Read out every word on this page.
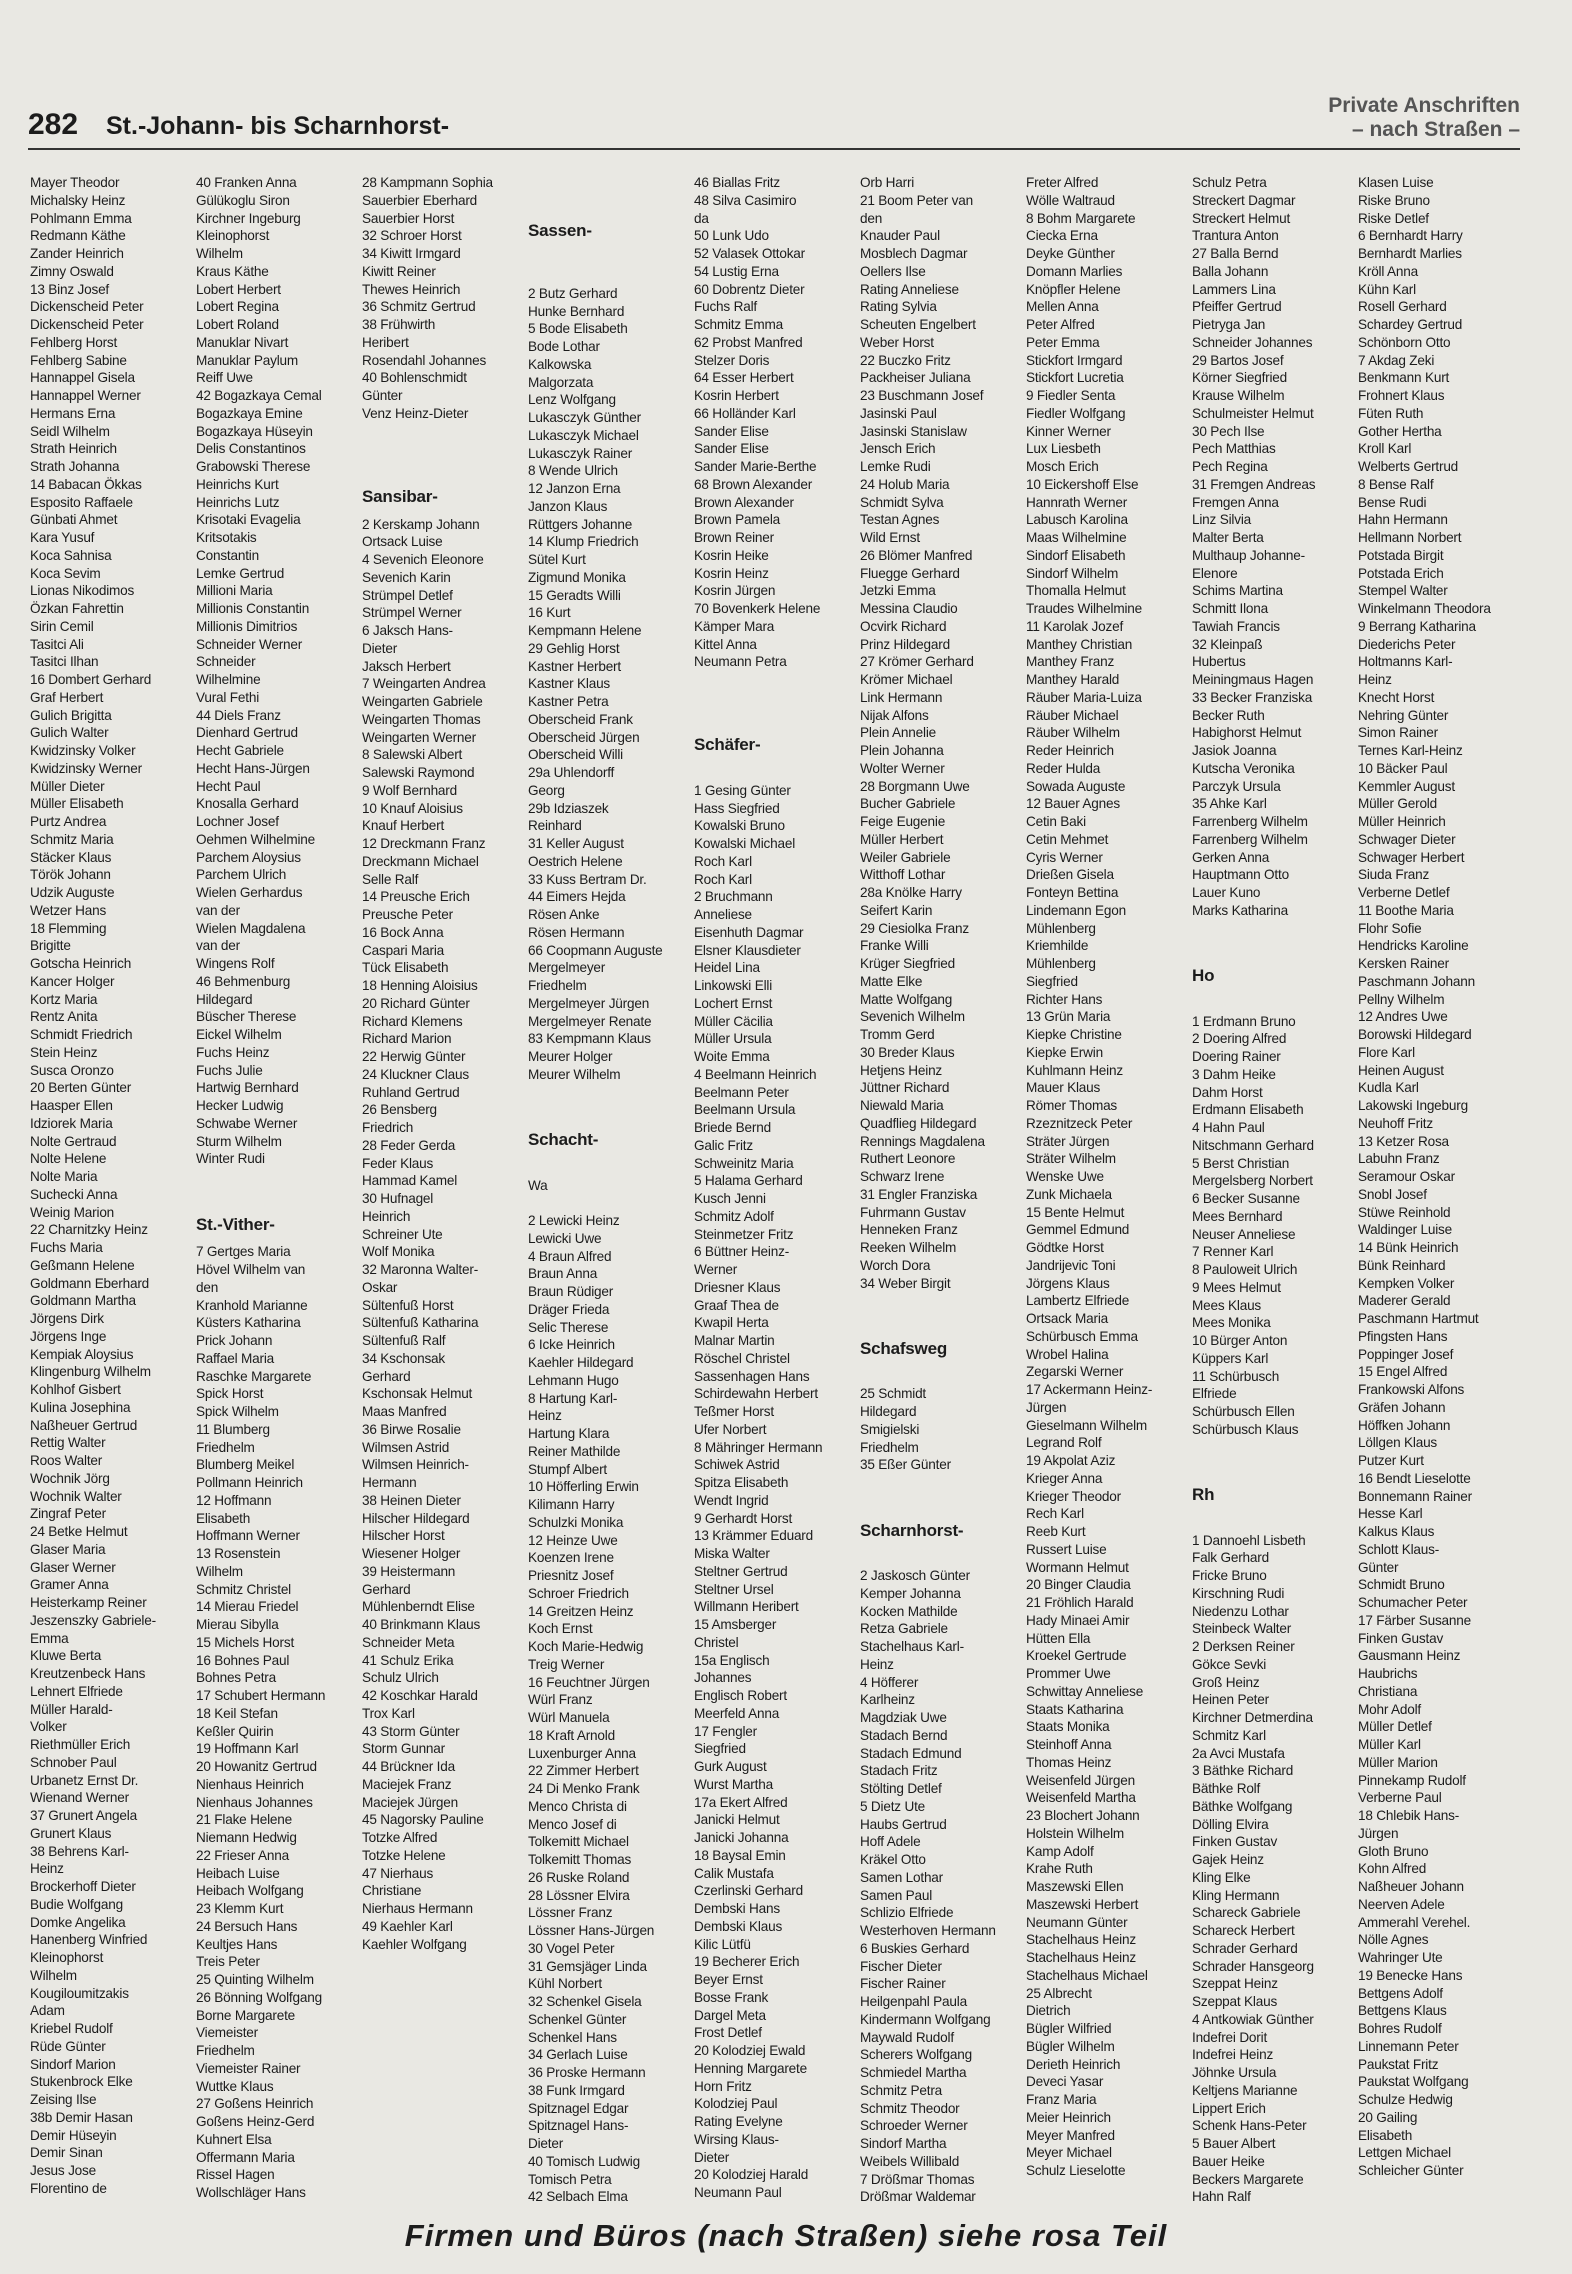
282 St.-Johann- bis Scharnhorst-
Private Anschriften
– nach Straßen –
Mayer Theodor
Michalsky Heinz
Pohlmann Emma
Redmann Käthe
Zander Heinrich
Zimny Oswald
13 Binz Josef
Dickenscheid Peter
Dickenscheid Peter
Fehlberg Horst
Fehlberg Sabine
Hannappel Gisela
Hannappel Werner
Hermans Erna
Seidl Wilhelm
Strath Heinrich
Strath Johanna
14 Babacan Ökkas
Esposito Raffaele
Günbati Ahmet
Kara Yusuf
Koca Sahnisa
Koca Sevim
Lionas Nikodimos
Özkan Fahrettin
Sirin Cemil
Tasitci Ali
Tasitci Ilhan
16 Dombert Gerhard
Graf Herbert
Gulich Brigitta
Gulich Walter
Kwidzinsky Volker
Kwidzinsky Werner
Müller Dieter
Müller Elisabeth
Purtz Andrea
Schmitz Maria
Stäcker Klaus
Török Johann
Udzik Auguste
Wetzer Hans
18 Flemming
Brigitte
Gotscha Heinrich
Kancer Holger
Kortz Maria
Rentz Anita
Schmidt Friedrich
Stein Heinz
Susca Oronzo
20 Berten Günter
Haasper Ellen
Idziorek Maria
Nolte Gertraud
Nolte Helene
Nolte Maria
Suchecki Anna
Weinig Marion
22 Charnitzky Heinz
Fuchs Maria
Geßmann Helene
Goldmann Eberhard
Goldmann Martha
Jörgens Dirk
Jörgens Inge
Kempiak Aloysius
Klingenburg Wilhelm
Kohlhof Gisbert
Kulina Josephina
Naßheuer Gertrud
Rettig Walter
Roos Walter
Wochnik Jörg
Wochnik Walter
Zingraf Peter
24 Betke Helmut
Glaser Maria
Glaser Werner
Gramer Anna
Heisterkamp Reiner
Jeszenszky Gabriele-
Emma
Kluwe Berta
Kreutzenbeck Hans
Lehnert Elfriede
Müller Harald-
Volker
Riethmüller Erich
Schnober Paul
Urbanetz Ernst Dr.
Wienand Werner
37 Grunert Angela
Grunert Klaus
38 Behrens Karl-
Heinz
Brockerhoff Dieter
Budie Wolfgang
Domke Angelika
Hanenberg Winfried
Kleinophorst
Wilhelm
Kougiloumitzakis
Adam
Kriebel Rudolf
Rüde Günter
Sindorf Marion
Stukenbrock Elke
Zeising Ilse
38b Demir Hasan
Demir Hüseyin
Demir Sinan
Jesus Jose
Florentino de
40 Franken Anna
Gülükoglu Siron
Kirchner Ingeburg
Kleinophorst
Wilhelm
Kraus Käthe
Lobert Herbert
Lobert Regina
Lobert Roland
Manuklar Nivart
Manuklar Paylum
Reiff Uwe
42 Bogazkaya Cemal
Bogazkaya Emine
Bogazkaya Hüseyin
Delis Constantinos
Grabowski Therese
Heinrichs Kurt
Heinrichs Lutz
Krisotaki Evagelia
Kritsotakis
Constantin
Lemke Gertrud
Millioni Maria
Millionis Constantin
Millionis Dimitrios
Schneider Werner
Schneider
Wilhelmine
Vural Fethi
44 Diels Franz
Dienhard Gertrud
Hecht Gabriele
Hecht Hans-Jürgen
Hecht Paul
Knosalla Gerhard
Lochner Josef
Oehmen Wilhelmine
Parchem Aloysius
Parchem Ulrich
Wielen Gerhardus
van der
Wielen Magdalena
van der
Wingens Rolf
46 Behmenburg
Hildegard
Büscher Therese
Eickel Wilhelm
Fuchs Heinz
Fuchs Julie
Hartwig Bernhard
Hecker Ludwig
Schwabe Werner
Sturm Wilhelm
Winter Rudi

St.-Vither-
7 Gertges Maria
Hövel Wilhelm van
den
Kranhold Marianne
Küsters Katharina
Prick Johann
Raffael Maria
Raschke Margarete
Spick Horst
Spick Wilhelm
11 Blumberg
Friedhelm
Blumberg Meikel
Pollmann Heinrich
12 Hoffmann
Elisabeth
Hoffmann Werner
13 Rosenstein
Wilhelm
Schmitz Christel
14 Mierau Friedel
Mierau Sibylla
15 Michels Horst
16 Bohnes Paul
Bohnes Petra
17 Schubert Hermann
18 Keil Stefan
Keßler Quirin
19 Hoffmann Karl
20 Howanitz Gertrud
Nienhaus Heinrich
Nienhaus Johannes
21 Flake Helene
Niemann Hedwig
22 Frieser Anna
Heibach Luise
Heibach Wolfgang
23 Klemm Kurt
24 Bersuch Hans
Keultjes Hans
Treis Peter
25 Quinting Wilhelm
26 Bönning Wolfgang
Borne Margarete
Viemeister
Friedhelm
Viemeister Rainer
Wuttke Klaus
27 Goßens Heinrich
Goßens Heinz-Gerd
Kuhnert Elsa
Offermann Maria
Rissel Hagen
Wollschläger Hans
28 Kampmann Sophia
Sauerbier Eberhard
Sauerbier Horst
32 Schroer Horst
34 Kiwitt Irmgard
Kiwitt Reiner
Thewes Heinrich
36 Schmitz Gertrud
38 Frühwirth
Heribert
Rosendahl Johannes
40 Bohlenschmidt
Günter
Venz Heinz-Dieter

Sansibar-
2 Kerskamp Johann
Ortsack Luise
4 Sevenich Eleonore
Sevenich Karin
Strümpel Detlef
Strümpel Werner
6 Jaksch Hans-
Dieter
Jaksch Herbert
7 Weingarten Andrea
Weingarten Gabriele
Weingarten Thomas
Weingarten Werner
8 Salewski Albert
Salewski Raymond
9 Wolf Bernhard
10 Knauf Aloisius
Knauf Herbert
12 Dreckmann Franz
Dreckmann Michael
Selle Ralf
14 Preusche Erich
Preusche Peter
16 Bock Anna
Caspari Maria
Tück Elisabeth
18 Henning Aloisius
20 Richard Günter
Richard Klemens
Richard Marion
22 Herwig Günter
24 Kluckner Claus
Ruhland Gertrud
26 Bensberg
Friedrich
28 Feder Gerda
Feder Klaus
Hammad Kamel
30 Hufnagel
Heinrich
Schreiner Ute
Wolf Monika
32 Maronna Walter-
Oskar
Sültenfuß Horst
Sültenfuß Katharina
Sültenfuß Ralf
34 Kschonsak
Gerhard
Kschonsak Helmut
Maas Manfred
36 Birwe Rosalie
Wilmsen Astrid
Wilmsen Heinrich-
Hermann
38 Heinen Dieter
Hilscher Hildegard
Hilscher Horst
Wiesener Holger
39 Heistermann
Gerhard
Mühlenberndt Elise
40 Brinkmann Klaus
Schneider Meta
41 Schulz Erika
Schulz Ulrich
42 Koschkar Harald
Trox Karl
43 Storm Günter
Storm Gunnar
44 Brückner Ida
Maciejek Franz
Maciejek Jürgen
45 Nagorsky Pauline
Totzke Alfred
Totzke Helene
47 Nierhaus
Christiane
Nierhaus Hermann
49 Kaehler Karl
Kaehler Wolfgang

Sassen-

2 Butz Gerhard
Hunke Bernhard
5 Bode Elisabeth
Bode Lothar
Kalkowska
Malgorzata
Lenz Wolfgang
Lukasczyk Günther
Lukasczyk Michael
Lukasczyk Rainer
8 Wende Ulrich
12 Janzon Erna
Janzon Klaus
Rüttgers Johanne
14 Klump Friedrich
Sütel Kurt
Zigmund Monika
15 Geradts Willi
16 Kurt
Kempmann Helene
29 Gehlig Horst
Kastner Herbert
Kastner Klaus
Kastner Petra
Oberscheid Frank
Oberscheid Jürgen
Oberscheid Willi
29a Uhlendorff
Georg
29b Idziaszek
Reinhard
31 Keller August
Oestrich Helene
33 Kuss Bertram Dr.
44 Eimers Hejda
Rösen Anke
Rösen Hermann
66 Coopmann Auguste
Mergelmeyer
Friedhelm
Mergelmeyer Jürgen
Mergelmeyer Renate
83 Kempmann Klaus
Meurer Holger
Meurer Wilhelm

Schacht-

Wa

2 Lewicki Heinz
Lewicki Uwe
4 Braun Alfred
Braun Anna
Braun Rüdiger
Dräger Frieda
Selic Therese
6 Icke Heinrich
Kaehler Hildegard
Lehmann Hugo
8 Hartung Karl-
Heinz
Hartung Klara
Reiner Mathilde
Stumpf Albert
10 Höfferling Erwin
Kilimann Harry
Schulzki Monika
12 Heinze Uwe
Koenzen Irene
Priesnitz Josef
Schroer Friedrich
14 Greitzen Heinz
Koch Ernst
Koch Marie-Hedwig
Treig Werner
16 Feuchtner Jürgen
Würl Franz
Würl Manuela
18 Kraft Arnold
Luxenburger Anna
22 Zimmer Herbert
24 Di Menko Frank
Menco Christa di
Menco Josef di
Tolkemitt Michael
Tolkemitt Thomas
26 Ruske Roland
28 Lössner Elvira
Lössner Franz
Lössner Hans-Jürgen
30 Vogel Peter
31 Gemsjäger Linda
Kühl Norbert
32 Schenkel Gisela
Schenkel Günter
Schenkel Hans
34 Gerlach Luise
36 Proske Hermann
38 Funk Irmgard
Spitznagel Edgar
Spitznagel Hans-
Dieter
40 Tomisch Ludwig
Tomisch Petra
42 Selbach Elma
46 Biallas Fritz
48 Silva Casimiro
da
50 Lunk Udo
52 Valasek Ottokar
54 Lustig Erna
60 Dobrentz Dieter
Fuchs Ralf
Schmitz Emma
62 Probst Manfred
Stelzer Doris
64 Esser Herbert
Kosrin Herbert
66 Holländer Karl
Sander Elise
Sander Elise
Sander Marie-Berthe
68 Brown Alexander
Brown Alexander
Brown Pamela
Brown Reiner
Kosrin Heike
Kosrin Heinz
Kosrin Jürgen
70 Bovenkerk Helene
Kämper Mara
Kittel Anna
Neumann Petra

Schäfer-

1 Gesing Günter
Hass Siegfried
Kowalski Bruno
Kowalski Michael
Roch Karl
Roch Karl
2 Bruchmann
Anneliese
Eisenhuth Dagmar
Elsner Klausdieter
Heidel Lina
Linkowski Elli
Lochert Ernst
Müller Cäcilia
Müller Ursula
Woite Emma
4 Beelmann Heinrich
Beelmann Peter
Beelmann Ursula
Briede Bernd
Galic Fritz
Schweinitz Maria
5 Halama Gerhard
Kusch Jenni
Schmitz Adolf
Steinmetzer Fritz
6 Büttner Heinz-
Werner
Driesner Klaus
Graaf Thea de
Kwapil Herta
Malnar Martin
Röschel Christel
Sassenhagen Hans
Schirdewahn Herbert
Teßmer Horst
Ufer Norbert
8 Mähringer Hermann
Schiwek Astrid
Spitza Elisabeth
Wendt Ingrid
9 Gerhardt Horst
13 Krämmer Eduard
Miska Walter
Steltner Gertrud
Steltner Ursel
Willmann Heribert
15 Amsberger
Christel
15a Englisch
Johannes
Englisch Robert
Meerfeld Anna
17 Fengler
Siegfried
Gurk August
Wurst Martha
17a Ekert Alfred
Janicki Helmut
Janicki Johanna
18 Baysal Emin
Calik Mustafa
Czerlinski Gerhard
Dembski Hans
Dembski Klaus
Kilic Lütfü
19 Becherer Erich
Beyer Ernst
Bosse Frank
Dargel Meta
Frost Detlef
20 Kolodziej Ewald
Henning Margarete
Horn Fritz
Kolodziej Paul
Rating Evelyne
Wirsing Klaus-
Dieter
20 Kolodziej Harald
Neumann Paul
Orb Harri
21 Boom Peter van
den
Knauder Paul
Mosblech Dagmar
Oellers Ilse
Rating Anneliese
Rating Sylvia
Scheuten Engelbert
Weber Horst
22 Buczko Fritz
Packheiser Juliana
23 Buschmann Josef
Jasinski Paul
Jasinski Stanislaw
Jensch Erich
Lemke Rudi
24 Holub Maria
Schmidt Sylva
Testan Agnes
Wild Ernst
26 Blömer Manfred
Fluegge Gerhard
Jetzki Emma
Messina Claudio
Ocvirk Richard
Prinz Hildegard
27 Krömer Gerhard
Krömer Michael
Link Hermann
Nijak Alfons
Plein Annelie
Plein Johanna
Wolter Werner
28 Borgmann Uwe
Bucher Gabriele
Feige Eugenie
Müller Herbert
Weiler Gabriele
Witthoff Lothar
28a Knölke Harry
Seifert Karin
29 Ciesiolka Franz
Franke Willi
Krüger Siegfried
Matte Elke
Matte Wolfgang
Sevenich Wilhelm
Tromm Gerd
30 Breder Klaus
Hetjens Heinz
Jüttner Richard
Niewald Maria
Quadflieg Hildegard
Rennings Magdalena
Ruthert Leonore
Schwarz Irene
31 Engler Franziska
Fuhrmann Gustav
Henneken Franz
Reeken Wilhelm
Worch Dora
34 Weber Birgit

Schafsweg

25 Schmidt
Hildegard
Smigielski
Friedhelm
35 Eßer Günter

Scharnhorst-

2 Jaskosch Günter
Kemper Johanna
Kocken Mathilde
Retza Gabriele
Stachelhaus Karl-
Heinz
4 Höfferer
Karlheinz
Magdziak Uwe
Stadach Bernd
Stadach Edmund
Stadach Fritz
Stölting Detlef
5 Dietz Ute
Haubs Gertrud
Hoff Adele
Kräkel Otto
Samen Lothar
Samen Paul
Schlizio Elfriede
Westerhoven Hermann
6 Buskies Gerhard
Fischer Dieter
Fischer Rainer
Heilgenpahl Paula
Kindermann Wolfgang
Maywald Rudolf
Scherers Wolfgang
Schmiedel Martha
Schmitz Petra
Schmitz Theodor
Schroeder Werner
Sindorf Martha
Weibels Willibald
7 Drößmar Thomas
Drößmar Waldemar
Freter Alfred
Wölle Waltraud
8 Bohm Margarete
Ciecka Erna
Deyke Günther
Domann Marlies
Knöpfler Helene
Mellen Anna
Peter Alfred
Peter Emma
Stickfort Irmgard
Stickfort Lucretia
9 Fiedler Senta
Fiedler Wolfgang
Kinner Werner
Lux Liesbeth
Mosch Erich
10 Eickershoff Else
Hannrath Werner
Labusch Karolina
Maas Wilhelmine
Sindorf Elisabeth
Sindorf Wilhelm
Thomalla Helmut
Traudes Wilhelmine
11 Karolak Jozef
Manthey Christian
Manthey Franz
Manthey Harald
Räuber Maria-Luiza
Räuber Michael
Räuber Wilhelm
Reder Heinrich
Reder Hulda
Sowada Auguste
12 Bauer Agnes
Cetin Baki
Cetin Mehmet
Cyris Werner
Drießen Gisela
Fonteyn Bettina
Lindemann Egon
Mühlenberg
Kriemhilde
Mühlenberg
Siegfried
Richter Hans
13 Grün Maria
Kiepke Christine
Kiepke Erwin
Kuhlmann Heinz
Mauer Klaus
Römer Thomas
Rzeznitzeck Peter
Sträter Jürgen
Sträter Wilhelm
Wenske Uwe
Zunk Michaela
15 Bente Helmut
Gemmel Edmund
Gödtke Horst
Jandrijevic Toni
Jörgens Klaus
Lambertz Elfriede
Ortsack Maria
Schürbusch Emma
Wrobel Halina
Zegarski Werner
17 Ackermann Heinz-
Jürgen
Gieselmann Wilhelm
Legrand Rolf
19 Akpolat Aziz
Krieger Anna
Krieger Theodor
Rech Karl
Reeb Kurt
Russert Luise
Wormann Helmut
20 Binger Claudia
21 Fröhlich Harald
Hady Minaei Amir
Hütten Ella
Kroekel Gertrude
Prommer Uwe
Schwittay Anneliese
Staats Katharina
Staats Monika
Steinhoff Anna
Thomas Heinz
Weisenfeld Jürgen
Weisenfeld Martha
23 Blochert Johann
Holstein Wilhelm
Kamp Adolf
Krahe Ruth
Maszewski Ellen
Maszewski Herbert
Neumann Günter
Stachelhaus Heinz
Stachelhaus Heinz
Stachelhaus Michael
25 Albrecht
Dietrich
Bügler Wilfried
Bügler Wilhelm
Derieth Heinrich
Deveci Yasar
Franz Maria
Meier Heinrich
Meyer Manfred
Meyer Michael
Schulz Lieselotte
Schulz Petra
Streckert Dagmar
Streckert Helmut
Trantura Anton
27 Balla Bernd
Balla Johann
Lammers Lina
Pfeiffer Gertrud
Pietryga Jan
Schneider Johannes
29 Bartos Josef
Körner Siegfried
Krause Wilhelm
Schulmeister Helmut
30 Pech Ilse
Pech Matthias
Pech Regina
31 Fremgen Andreas
Fremgen Anna
Linz Silvia
Malter Berta
Multhaup Johanne-
Elenore
Schims Martina
Schmitt Ilona
Tawiah Francis
32 Kleinpaß
Hubertus
Meiningmaus Hagen
33 Becker Franziska
Becker Ruth
Habighorst Helmut
Jasiok Joanna
Kutscha Veronika
Parczyk Ursula
35 Ahke Karl
Farrenberg Wilhelm
Farrenberg Wilhelm
Gerken Anna
Hauptmann Otto
Lauer Kuno
Marks Katharina

Ho

1 Erdmann Bruno
2 Doering Alfred
Doering Rainer
3 Dahm Heike
Dahm Horst
Erdmann Elisabeth
4 Hahn Paul
Nitschmann Gerhard
5 Berst Christian
Mergelsberg Norbert
6 Becker Susanne
Mees Bernhard
Neuser Anneliese
7 Renner Karl
8 Pauloweit Ulrich
9 Mees Helmut
Mees Klaus
Mees Monika
10 Bürger Anton
Küppers Karl
11 Schürbusch
Elfriede
Schürbusch Ellen
Schürbusch Klaus

Rh

1 Dannoehl Lisbeth
Falk Gerhard
Fricke Bruno
Kirschning Rudi
Niedenzu Lothar
Steinbeck Walter
2 Derksen Reiner
Gökce Sevki
Groß Heinz
Heinen Peter
Kirchner Detmerdina
Schmitz Karl
2a Avci Mustafa
3 Bäthke Richard
Bäthke Rolf
Bäthke Wolfgang
Dölling Elvira
Finken Gustav
Gajek Heinz
Kling Elke
Kling Hermann
Schareck Gabriele
Schareck Herbert
Schrader Gerhard
Schrader Hansgeorg
Szeppat Heinz
Szeppat Klaus
4 Antkowiak Günther
Indefrei Dorit
Indefrei Heinz
Jöhnke Ursula
Keltjens Marianne
Lippert Erich
Schenk Hans-Peter
5 Bauer Albert
Bauer Heike
Beckers Margarete
Hahn Ralf
Klasen Luise
Riske Bruno
Riske Detlef
6 Bernhardt Harry
Bernhardt Marlies
Kröll Anna
Kühn Karl
Rosell Gerhard
Schardey Gertrud
Schönborn Otto
7 Akdag Zeki
Benkmann Kurt
Frohnert Klaus
Füten Ruth
Gother Hertha
Kroll Karl
Welberts Gertrud
8 Bense Ralf
Bense Rudi
Hahn Hermann
Hellmann Norbert
Potstada Birgit
Potstada Erich
Stempel Walter
Winkelmann Theodora
9 Berrang Katharina
Diederichs Peter
Holtmanns Karl-
Heinz
Knecht Horst
Nehring Günter
Simon Rainer
Ternes Karl-Heinz
10 Bäcker Paul
Kemmler August
Müller Gerold
Müller Heinrich
Schwager Dieter
Schwager Herbert
Siuda Franz
Verberne Detlef
11 Boothe Maria
Flohr Sofie
Hendricks Karoline
Kersken Rainer
Paschmann Johann
Pellny Wilhelm
12 Andres Uwe
Borowski Hildegard
Flore Karl
Heinen August
Kudla Karl
Lakowski Ingeburg
Neuhoff Fritz
13 Ketzer Rosa
Labuhn Franz
Seramour Oskar
Snobl Josef
Stüwe Reinhold
Waldinger Luise
14 Bünk Heinrich
Bünk Reinhard
Kempken Volker
Maderer Gerald
Paschmann Hartmut
Pfingsten Hans
Poppinger Josef
15 Engel Alfred
Frankowski Alfons
Gräfen Johann
Höffken Johann
Löllgen Klaus
Putzer Kurt
16 Bendt Lieselotte
Bonnemann Rainer
Hesse Karl
Kalkus Klaus
Schlott Klaus-
Günter
Schmidt Bruno
Schumacher Peter
17 Färber Susanne
Finken Gustav
Gausmann Heinz
Haubrichs
Christiana
Mohr Adolf
Müller Detlef
Müller Karl
Müller Marion
Pinnekamp Rudolf
Verberne Paul
18 Chlebik Hans-
Jürgen
Gloth Bruno
Kohn Alfred
Naßheuer Johann
Neerven Adele
Ammerahl Verehel.
Nölle Agnes
Wahringer Ute
19 Benecke Hans
Bettgens Adolf
Bettgens Klaus
Bohres Rudolf
Linnemann Peter
Paukstat Fritz
Paukstat Wolfgang
Schulze Hedwig
20 Gailing
Elisabeth
Lettgen Michael
Schleicher Günter
Firmen und Büros (nach Straßen) siehe rosa Teil
